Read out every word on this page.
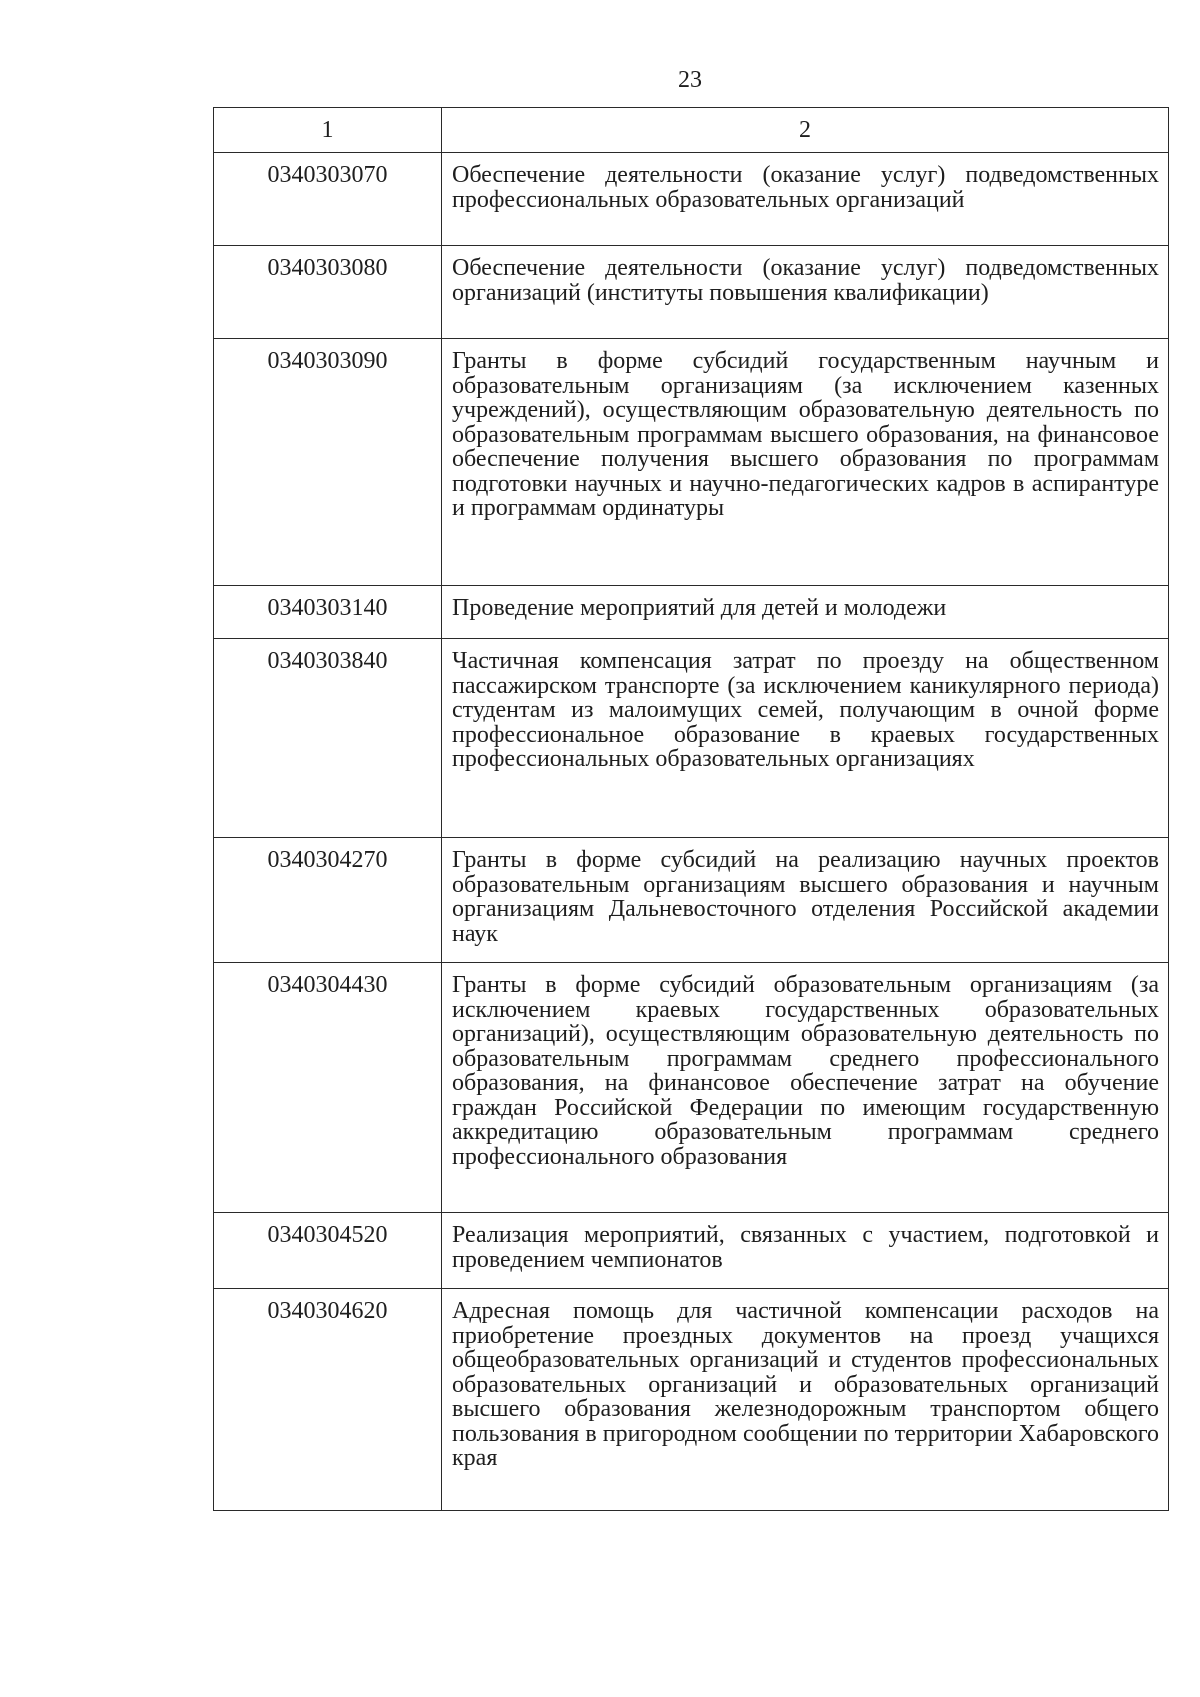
23
1	2
0340303070	Обеспечение деятельности (оказание услуг) подведомственных профессиональных образовательных организаций
0340303080	Обеспечение деятельности (оказание услуг) подведомственных организаций (институты повышения квалификации)
0340303090	Гранты в форме субсидий государственным научным и образовательным организациям (за исключением казенных учреждений), осуществляющим образовательную деятельность по образовательным программам высшего образования, на финансовое обеспечение получения высшего образования по программам подготовки научных и научно-педагогических кадров в аспирантуре и программам ординатуры
0340303140	Проведение мероприятий для детей и молодежи
0340303840	Частичная компенсация затрат по проезду на общественном пассажирском транспорте (за исключением каникулярного периода) студентам из малоимущих семей, получающим в очной форме профессиональное образование в краевых государственных профессиональных образовательных организациях
0340304270	Гранты в форме субсидий на реализацию научных проектов образовательным организациям высшего образования и научным организациям Дальневосточного отделения Российской академии наук
0340304430	Гранты в форме субсидий образовательным организациям (за исключением краевых государственных образовательных организаций), осуществляющим образовательную деятельность по образовательным программам среднего профессионального образования, на финансовое обеспечение затрат на обучение граждан Российской Федерации по имеющим государственную аккредитацию образовательным программам среднего профессионального образования
0340304520	Реализация мероприятий, связанных с участием, подготовкой и проведением чемпионатов
0340304620	Адресная помощь для частичной компенсации расходов на приобретение проездных документов на проезд учащихся общеобразовательных организаций и студентов профессиональных образовательных организаций и образовательных организаций высшего образования железнодорожным транспортом общего пользования в пригородном сообщении по территории Хабаровского края
